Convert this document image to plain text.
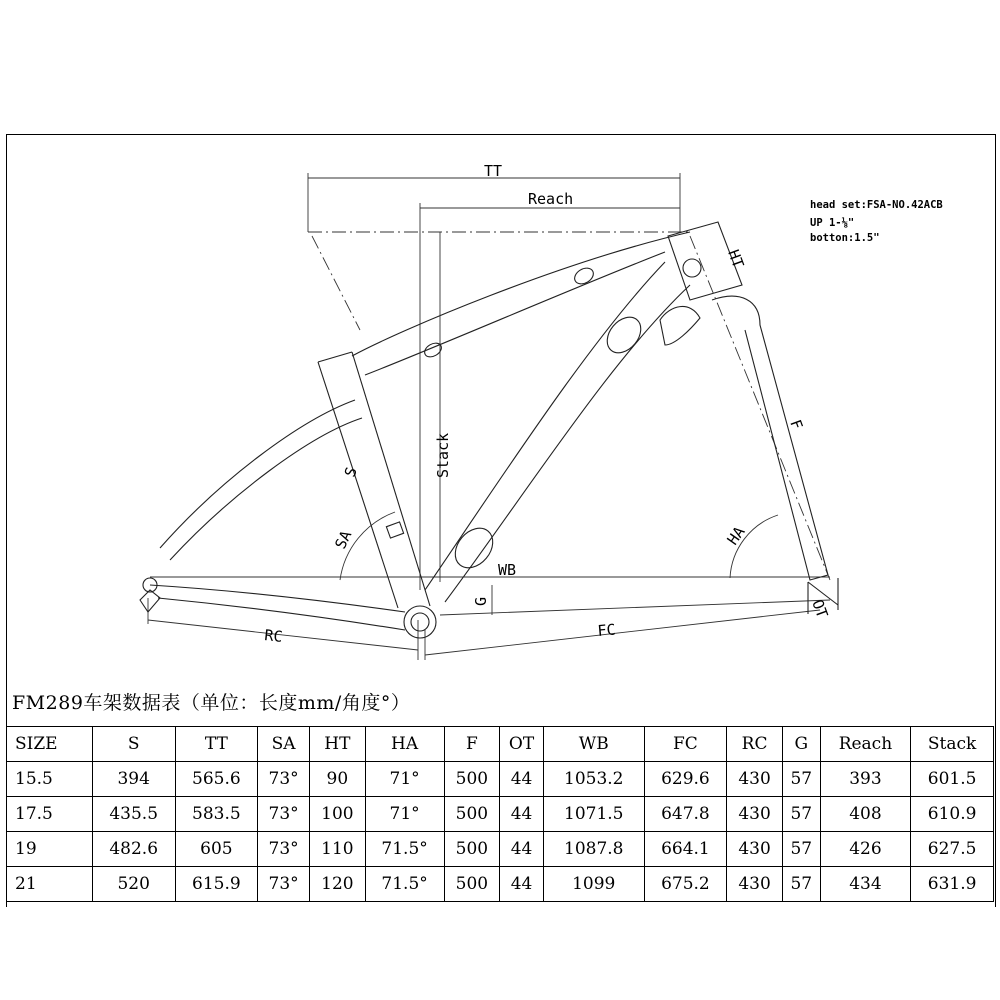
TT
Reach
HT
F
HA
Stack
S
SA
WB
G	OT
RC	FC
head set:FSA-NO.42ACB
UP 1-⅛"
botton:1.5"
FM289车架数据表（单位：长度mm/角度°）
SIZE	S	TT	SA	HT	HA	F	OT	WB	FC	RC	G	Reach	Stack
15.5	394	565.6	73°	90	71°	500	44	1053.2	629.6	430	57	393	601.5
17.5	435.5	583.5	73°	100	71°	500	44	1071.5	647.8	430	57	408	610.9
19	482.6	605	73°	110	71.5°	500	44	1087.8	664.1	430	57	426	627.5
21	520	615.9	73°	120	71.5°	500	44	1099	675.2	430	57	434	631.9
